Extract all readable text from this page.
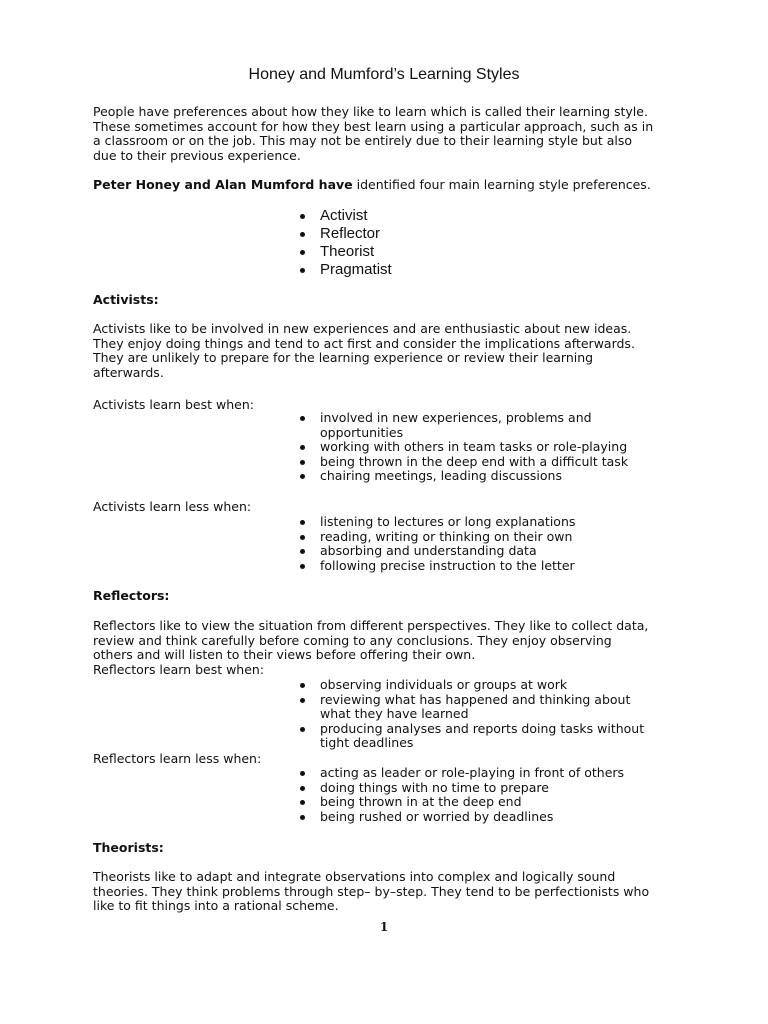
Honey and Mumford’s Learning Styles

People have preferences about how they like to learn which is called their learning style.

These sometimes account for how they best learn using a particular approach, such as in

a classroom or on the job. This may not be entirely due to their learning style but also

due to their previous experience.

Peter Honey and Alan Mumford have identified four main learning style preferences.

Activist
Reflector
Theorist
Pragmatist

Activists:

Activists like to be involved in new experiences and are enthusiastic about new ideas.

They enjoy doing things and tend to act first and consider the implications afterwards.

They are unlikely to prepare for the learning experience or review their learning

afterwards.

Activists learn best when:

involved in new experiences, problems and
opportunities
working with others in team tasks or role-playing
being thrown in the deep end with a difficult task
chairing meetings, leading discussions

Activists learn less when:

listening to lectures or long explanations
reading, writing or thinking on their own
absorbing and understanding data
following precise instruction to the letter

Reflectors:

Reflectors like to view the situation from different perspectives. They like to collect data,

review and think carefully before coming to any conclusions. They enjoy observing

others and will listen to their views before offering their own.

Reflectors learn best when:

observing individuals or groups at work
reviewing what has happened and thinking about
what they have learned
producing analyses and reports doing tasks without
tight deadlines

Reflectors learn less when:

acting as leader or role-playing in front of others
doing things with no time to prepare
being thrown in at the deep end
being rushed or worried by deadlines

Theorists:

Theorists like to adapt and integrate observations into complex and logically sound

theories. They think problems through step– by–step. They tend to be perfectionists who

like to fit things into a rational scheme.

1
